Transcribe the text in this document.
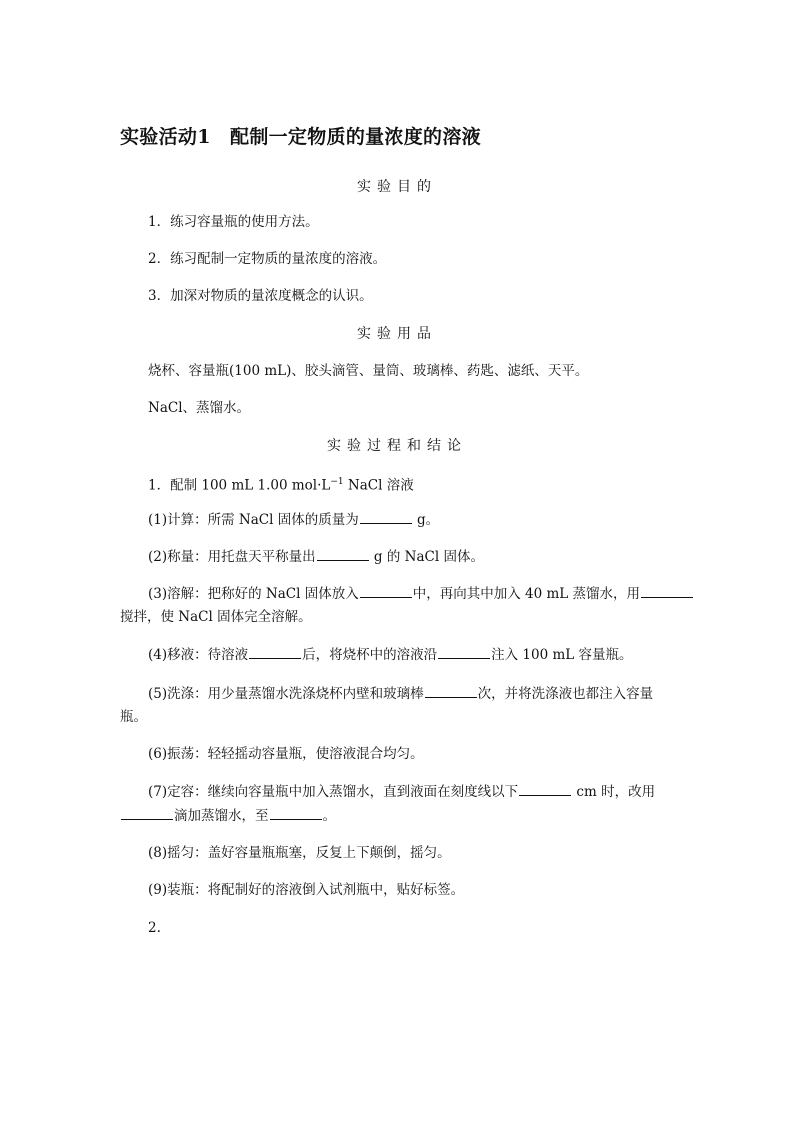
实验活动1　配制一定物质的量浓度的溶液
实验目的
1．练习容量瓶的使用方法。
2．练习配制一定物质的量浓度的溶液。
3．加深对物质的量浓度概念的认识。
实验用品
烧杯、容量瓶(100 mL)、胶头滴管、量筒、玻璃棒、药匙、滤纸、天平。
NaCl、蒸馏水。
实验过程和结论
1．配制 100 mL 1.00 $mol\cdot L^{-1}$ NaCl 溶液
(1)计算：所需 NaCl 固体的质量为	g。
(2)称量：用托盘天平称量出	g 的 NaCl 固体。
(3)溶解：把称好的 NaCl 固体放入	中，再向其中加入 40 mL 蒸馏水，用
搅拌，使 NaCl 固体完全溶解。
(4)移液：待溶液	后，将烧杯中的溶液沿	注入 100 mL 容量瓶。
(5)洗涤：用少量蒸馏水洗涤烧杯内壁和玻璃棒	次，并将洗涤液也都注入容量
瓶。
(6)振荡：轻轻摇动容量瓶，使溶液混合均匀。
(7)定容：继续向容量瓶中加入蒸馏水，直到液面在刻度线以下	cm 时，改用
滴加蒸馏水，至	。
(8)摇匀：盖好容量瓶瓶塞，反复上下颠倒，摇匀。
(9)装瓶：将配制好的溶液倒入试剂瓶中，贴好标签。
2.
